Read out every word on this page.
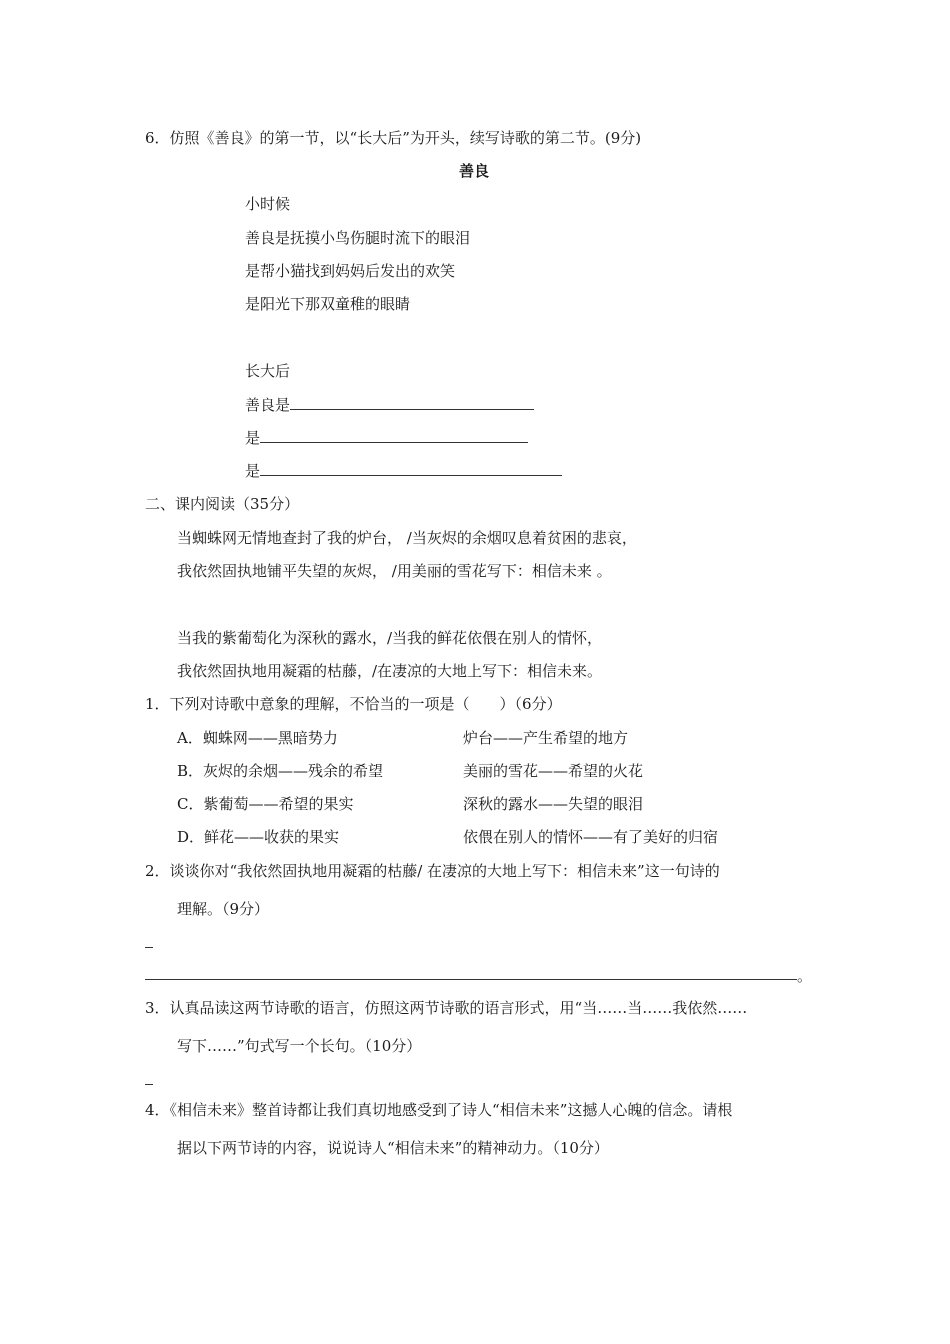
6．仿照《善良》的第一节，以“长大后”为开头，续写诗歌的第二节。(9分)
善良
小时候
善良是抚摸小鸟伤腿时流下的眼泪
是帮小猫找到妈妈后发出的欢笑
是阳光下那双童稚的眼睛
长大后
善良是
是
是
二、课内阅读（35分）
当蜘蛛网无情地查封了我的炉台， /当灰烬的余烟叹息着贫困的悲哀，
我依然固执地铺平失望的灰烬， /用美丽的雪花写下：相信未来 。
当我的紫葡萄化为深秋的露水，/当我的鲜花依偎在别人的情怀，
我依然固执地用凝霜的枯藤，/在凄凉的大地上写下：相信未来。
1．下列对诗歌中意象的理解，不恰当的一项是（　　）（6分）
A．蜘蛛网——黑暗势力	炉台——产生希望的地方
B．灰烬的余烟——残余的希望	美丽的雪花——希望的火花
C．紫葡萄——希望的果实	深秋的露水——失望的眼泪
D．鲜花——收获的果实	依偎在别人的情怀——有了美好的归宿
2．谈谈你对“我依然固执地用凝霜的枯藤/ 在凄凉的大地上写下：相信未来”这一句诗的
理解。（9分）
。
3．认真品读这两节诗歌的语言，仿照这两节诗歌的语言形式，用“当……当……我依然……
写下……”句式写一个长句。（10分）
4．《相信未来》整首诗都让我们真切地感受到了诗人“相信未来”这撼人心魄的信念。请根
据以下两节诗的内容，说说诗人“相信未来”的精神动力。（10分）
